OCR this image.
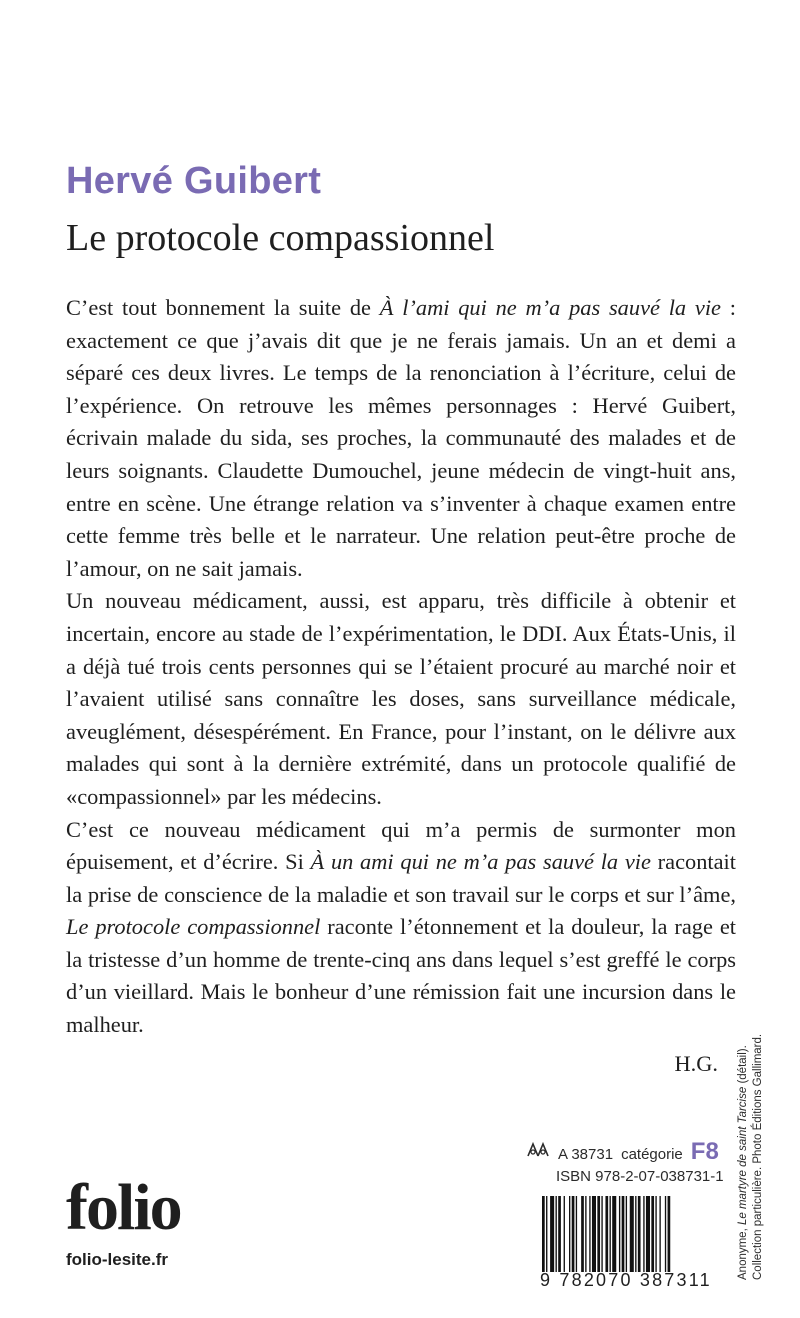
Hervé Guibert
Le protocole compassionnel

C’est tout bonnement la suite de À l’ami qui ne m’a pas sauvé la vie : exactement ce que j’avais dit que je ne ferais jamais. Un an et demi a séparé ces deux livres. Le temps de la renonciation à l’écriture, celui de l’expérience. On retrouve les mêmes personnages : Hervé Guibert, écrivain malade du sida, ses proches, la communauté des malades et de leurs soignants. Claudette Dumouchel, jeune médecin de vingt-huit ans, entre en scène. Une étrange relation va s’inventer à chaque examen entre cette femme très belle et le narrateur. Une relation peut-être proche de l’amour, on ne sait jamais.

Un nouveau médicament, aussi, est apparu, très difficile à obtenir et incertain, encore au stade de l’expérimentation, le DDI. Aux États-Unis, il a déjà tué trois cents personnes qui se l’étaient procuré au marché noir et l’avaient utilisé sans connaître les doses, sans surveillance médicale, aveuglément, désespérément. En France, pour l’instant, on le délivre aux malades qui sont à la dernière extrémité, dans un protocole qualifié de «compassionnel» par les médecins.

C’est ce nouveau médicament qui m’a permis de surmonter mon épuisement, et d’écrire. Si À un ami qui ne m’a pas sauvé la vie racontait la prise de conscience de la maladie et son travail sur le corps et sur l’âme, Le protocole compassionnel raconte l’étonnement et la douleur, la rage et la tristesse d’un homme de trente-cinq ans dans lequel s’est greffé le corps d’un vieillard. Mais le bonheur d’une rémission fait une incursion dans le malheur.

H.G.

Anonyme, Le martyre de saint Tarcise (détail). Collection particulière. Photo Éditions Gallimard.
A 38731 catégorie F8
ISBN 978-2-07-038731-1
9 782070 387311
folio
folio-lesite.fr
